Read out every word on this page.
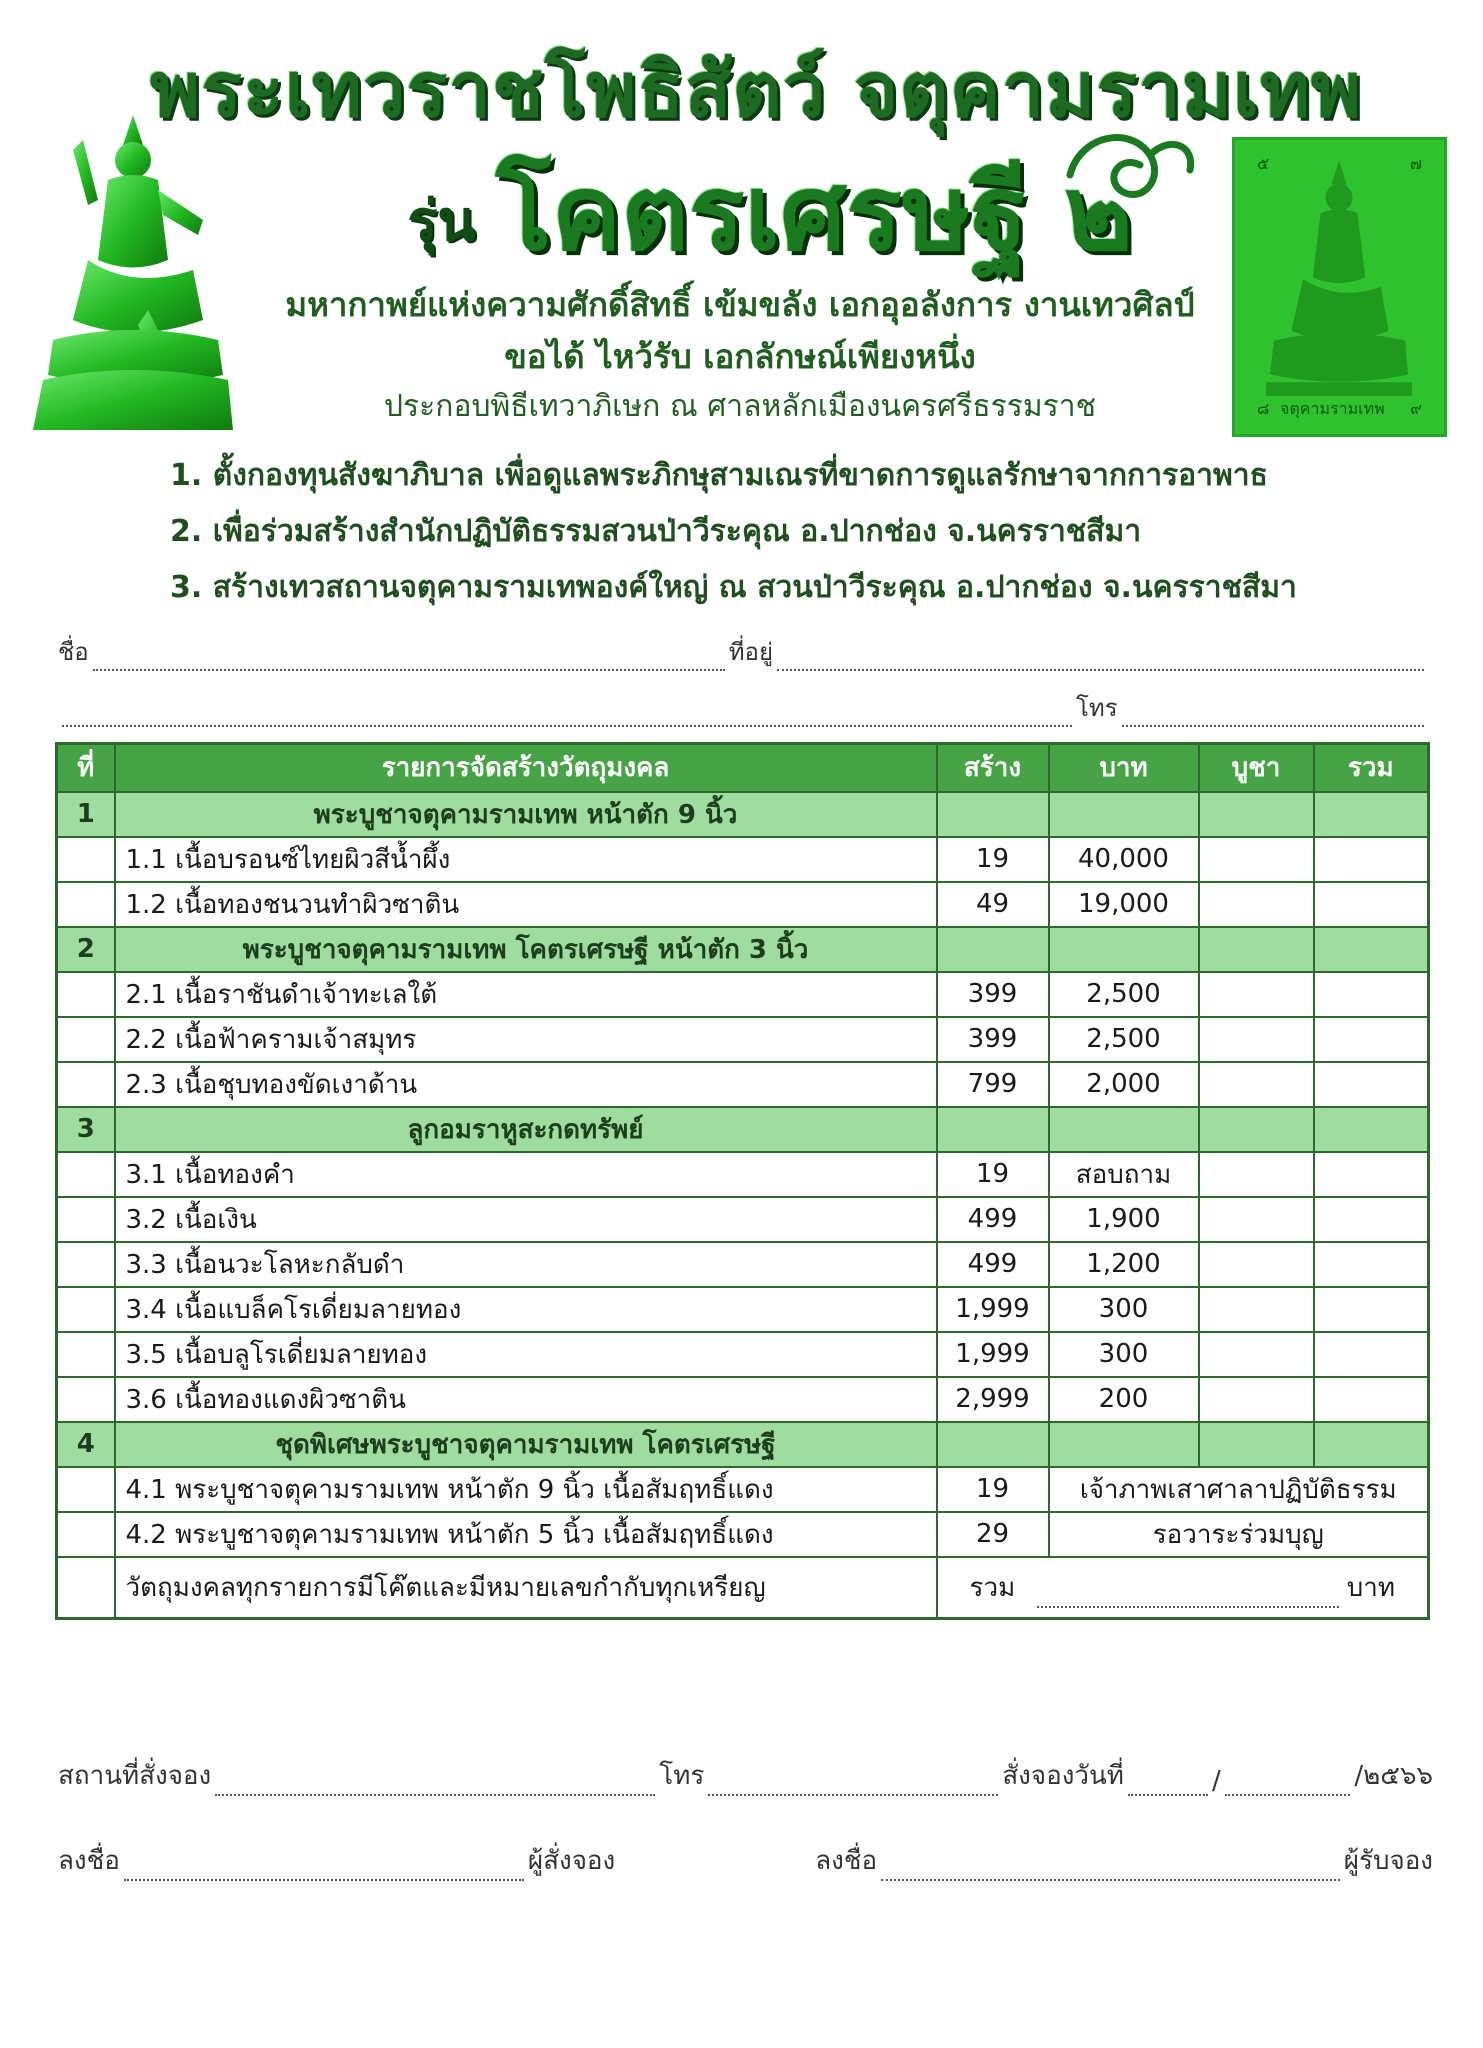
พระเทวราชโพธิสัตว์ จตุคามรามเทพ
รุ่น โคตรเศรษฐี ๒
มหากาพย์แห่งความศักดิ์สิทธิ์ เข้มขลัง เอกอุอลังการ งานเทวศิลป์
ขอได้ ไหว้รับ เอกลักษณ์เพียงหนึ่ง
ประกอบพิธีเทวาภิเษก ณ ศาลหลักเมืองนครศรีธรรมราช
๕	๗
๘ จตุคามรามเทพ ๙
1. ตั้งกองทุนสังฆาภิบาล เพื่อดูแลพระภิกษุสามเณรที่ขาดการดูแลรักษาจากการอาพาธ
2. เพื่อร่วมสร้างสำนักปฏิบัติธรรมสวนป่าวีระคุณ อ.ปากช่อง จ.นครราชสีมา
3. สร้างเทวสถานจตุคามรามเทพองค์ใหญ่ ณ สวนป่าวีระคุณ อ.ปากช่อง จ.นครราชสีมา
ชื่อ	ที่อยู่
โทร
ที่	รายการจัดสร้างวัตถุมงคล	สร้าง	บาท	บูชา	รวม
1	พระบูชาจตุคามรามเทพ หน้าตัก 9 นิ้ว				
	1.1 เนื้อบรอนซ์ไทยผิวสีน้ำผึ้ง	19	40,000		
	1.2 เนื้อทองชนวนทำผิวซาติน	49	19,000		
2	พระบูชาจตุคามรามเทพ โคตรเศรษฐี หน้าตัก 3 นิ้ว				
	2.1 เนื้อราชันดำเจ้าทะเลใต้	399	2,500		
	2.2 เนื้อฟ้าครามเจ้าสมุทร	399	2,500		
	2.3 เนื้อชุบทองขัดเงาด้าน	799	2,000		
3	ลูกอมราหูสะกดทรัพย์				
	3.1 เนื้อทองคำ	19	สอบถาม		
	3.2 เนื้อเงิน	499	1,900		
	3.3 เนื้อนวะโลหะกลับดำ	499	1,200		
	3.4 เนื้อแบล็คโรเดี่ยมลายทอง	1,999	300		
	3.5 เนื้อบลูโรเดี่ยมลายทอง	1,999	300		
	3.6 เนื้อทองแดงผิวซาติน	2,999	200		
4	ชุดพิเศษพระบูชาจตุคามรามเทพ โคตรเศรษฐี				
	4.1 พระบูชาจตุคามรามเทพ หน้าตัก 9 นิ้ว เนื้อสัมฤทธิ์แดง	19	เจ้าภาพเสาศาลาปฏิบัติธรรม		
	4.2 พระบูชาจตุคามรามเทพ หน้าตัก 5 นิ้ว เนื้อสัมฤทธิ์แดง	29	รอวาระร่วมบุญ		
	วัตถุมงคลทุกรายการมีโค๊ตและมีหมายเลขกำกับทุกเหรียญ	รวม บาท			
สถานที่สั่งจอง	โทร	สั่งจองวันที่	/	/๒๕๖๖
ลงชื่อ	ผู้สั่งจอง	ลงชื่อ	ผู้รับจอง
